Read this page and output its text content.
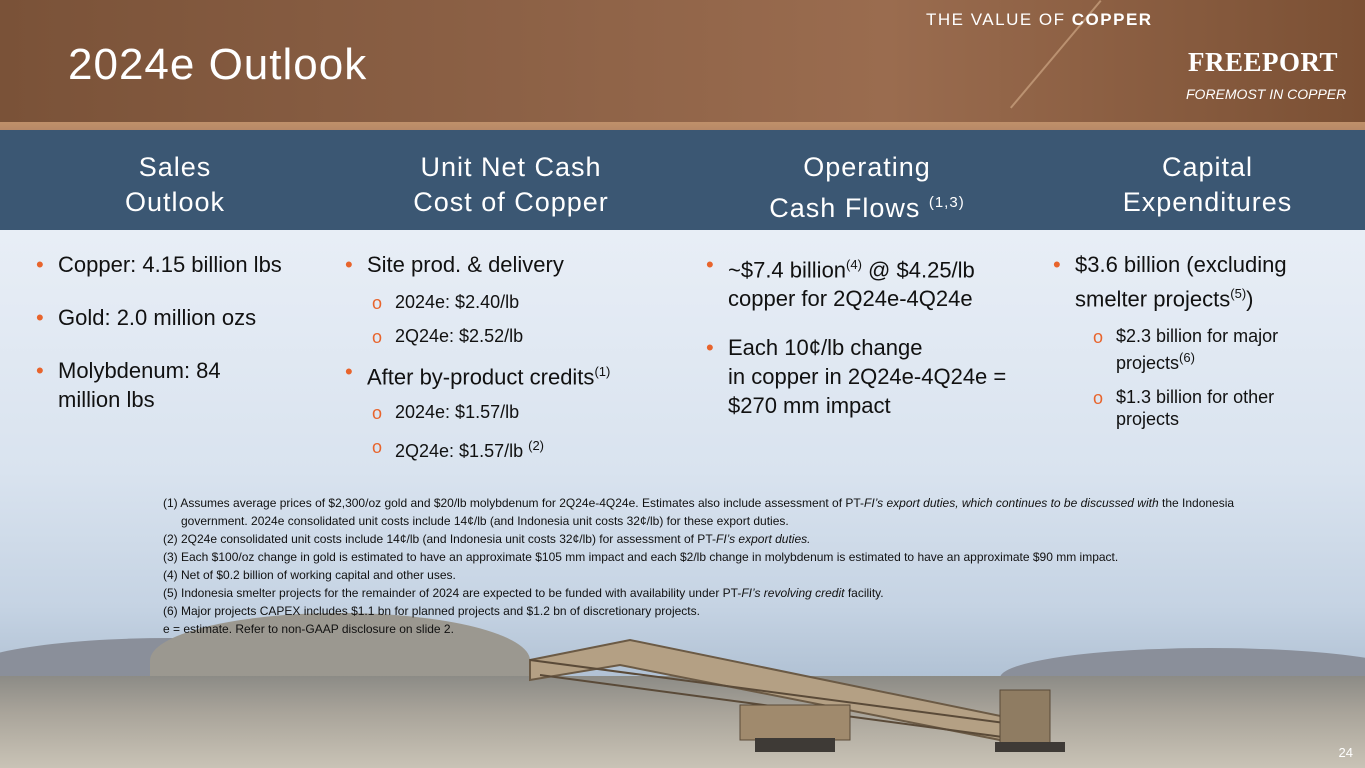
2024e Outlook
THE VALUE OF COPPER
FREEPORT
FOREMOST IN COPPER
Sales
Outlook
Unit Net Cash
Cost of Copper
Operating
Cash Flows $^{(1,3)}$
Capital
Expenditures
• Copper: 4.15 billion lbs
• Gold: 2.0 million ozs
• Molybdenum: 84 million lbs
• Site prod. & delivery
o 2024e: $2.40/lb
o 2Q24e: $2.52/lb
• After by-product credits$^{(1)}$
o 2024e: $1.57/lb
o 2Q24e: $1.57/lb $^{(2)}$
• ~$7.4 billion$^{(4)}$ @ $4.25/lb copper for 2Q24e-4Q24e
• Each 10¢/lb change
in copper in 2Q24e-4Q24e = $270 mm impact
• $3.6 billion (excluding smelter projects$^{(5)}$)
o $2.3 billion for major projects$^{(6)}$
o $1.3 billion for other projects

(1) Assumes average prices of $2,300/oz gold and $20/lb molybdenum for 2Q24e-4Q24e. Estimates also include assessment of PT-FI’s export duties, which continues to be discussed with the Indonesia government. 2024e consolidated unit costs include 14¢/lb (and Indonesia unit costs 32¢/lb) for these export duties.

(2) 2Q24e consolidated unit costs include 14¢/lb (and Indonesia unit costs 32¢/lb) for assessment of PT-FI’s export duties.

(3) Each $100/oz change in gold is estimated to have an approximate $105 mm impact and each $2/lb change in molybdenum is estimated to have an approximate $90 mm impact.

(4) Net of $0.2 billion of working capital and other uses.

(5) Indonesia smelter projects for the remainder of 2024 are expected to be funded with availability under PT-FI’s revolving credit facility.

(6) Major projects CAPEX includes $1.1 bn for planned projects and $1.2 bn of discretionary projects.

e = estimate. Refer to non-GAAP disclosure on slide 2.

24
